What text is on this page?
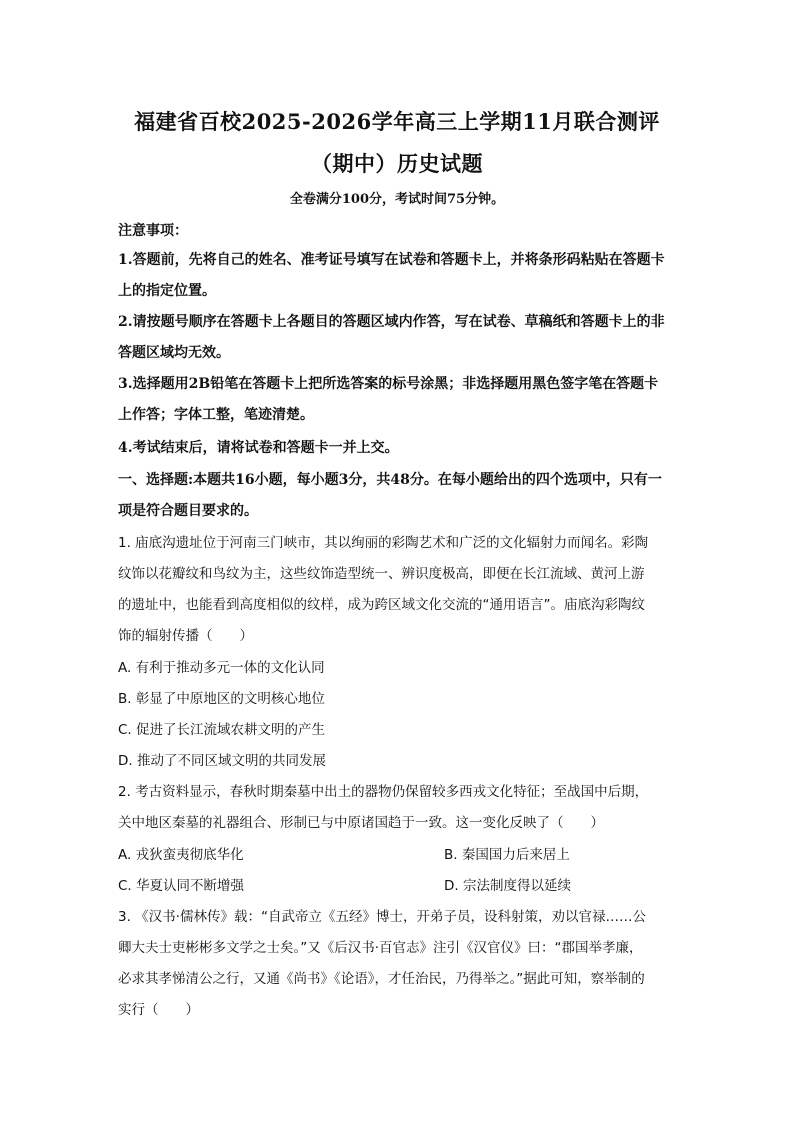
福建省百校2025-2026学年高三上学期11月联合测评
（期中）历史试题
全卷满分100分，考试时间75分钟。
注意事项：
1.答题前，先将自己的姓名、准考证号填写在试卷和答题卡上，并将条形码粘贴在答题卡
上的指定位置。
2.请按题号顺序在答题卡上各题目的答题区域内作答，写在试卷、草稿纸和答题卡上的非
答题区域均无效。
3.选择题用2B铅笔在答题卡上把所选答案的标号涂黑；非选择题用黑色签字笔在答题卡
上作答；字体工整，笔迹清楚。
4.考试结束后，请将试卷和答题卡一并上交。
一、选择题:本题共16小题，每小题3分，共48分。在每小题给出的四个选项中，只有一
项是符合题目要求的。
1. 庙底沟遗址位于河南三门峡市，其以绚丽的彩陶艺术和广泛的文化辐射力而闻名。彩陶
纹饰以花瓣纹和鸟纹为主，这些纹饰造型统一、辨识度极高，即便在长江流域、黄河上游
的遗址中，也能看到高度相似的纹样，成为跨区域文化交流的“通用语言”。庙底沟彩陶纹
饰的辐射传播（　　）
A. 有利于推动多元一体的文化认同
B. 彰显了中原地区的文明核心地位
C. 促进了长江流域农耕文明的产生
D. 推动了不同区域文明的共同发展
2. 考古资料显示，春秋时期秦墓中出土的器物仍保留较多西戎文化特征；至战国中后期，
关中地区秦墓的礼器组合、形制已与中原诸国趋于一致。这一变化反映了（　　）
A. 戎狄蛮夷彻底华化	B. 秦国国力后来居上
C. 华夏认同不断增强	D. 宗法制度得以延续
3. 《汉书·儒林传》载：“自武帝立《五经》博士，开弟子员，设科射策，劝以官禄……公
卿大夫士吏彬彬多文学之士矣。”又《后汉书·百官志》注引《汉官仪》曰：“郡国举孝廉，
必求其孝悌清公之行，又通《尚书》《论语》，才任治民，乃得举之。”据此可知，察举制的
实行（　　）
